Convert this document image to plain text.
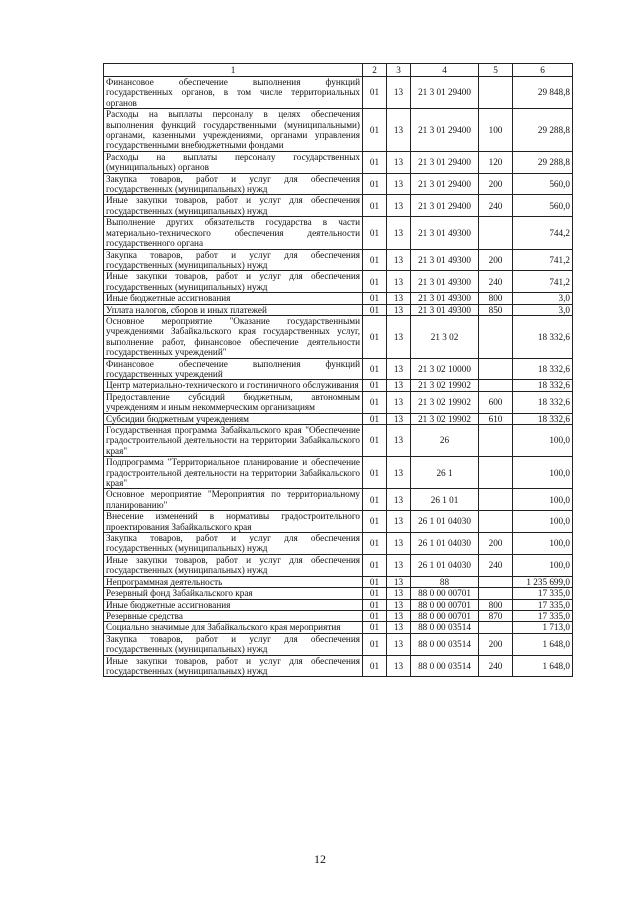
1	2	3	4	5	6
Финансовое обеспечение выполнения функций государственных органов, в том числе территориальных органов	01	13	21 3 01 29400		29 848,8
Расходы на выплаты персоналу в целях обеспечения выполнения функций государственными (муниципальными) органами, казенными учреждениями, органами управления государственными внебюджетными фондами	01	13	21 3 01 29400	100	29 288,8
Расходы на выплаты персоналу государственных (муниципальных) органов	01	13	21 3 01 29400	120	29 288,8
Закупка товаров, работ и услуг для обеспечения государственных (муниципальных) нужд	01	13	21 3 01 29400	200	560,0
Иные закупки товаров, работ и услуг для обеспечения государственных (муниципальных) нужд	01	13	21 3 01 29400	240	560,0
Выполнение других обязательств государства в части материально-технического обеспечения деятельности государственного органа	01	13	21 3 01 49300		744,2
Закупка товаров, работ и услуг для обеспечения государственных (муниципальных) нужд	01	13	21 3 01 49300	200	741,2
Иные закупки товаров, работ и услуг для обеспечения государственных (муниципальных) нужд	01	13	21 3 01 49300	240	741,2
Иные бюджетные ассигнования	01	13	21 3 01 49300	800	3,0
Уплата налогов, сборов и иных платежей	01	13	21 3 01 49300	850	3,0
Основное мероприятие "Оказание государственными учреждениями Забайкальского края государственных услуг, выполнение работ, финансовое обеспечение деятельности государственных учреждений"	01	13	21 3 02		18 332,6
Финансовое обеспечение выполнения функций государственных учреждений	01	13	21 3 02 10000		18 332,6
Центр материально-технического и гостиничного обслуживания	01	13	21 3 02 19902		18 332,6
Предоставление субсидий бюджетным, автономным учреждениям и иным некоммерческим организациям	01	13	21 3 02 19902	600	18 332,6
Субсидии бюджетным учреждениям	01	13	21 3 02 19902	610	18 332,6
Государственная программа Забайкальского края "Обеспечение градостроительной деятельности на территории Забайкальского края"	01	13	26		100,0
Подпрограмма "Территориальное планирование и обеспечение градостроительной деятельности на территории Забайкальского края"	01	13	26 1		100,0
Основное мероприятие "Мероприятия по территориальному планированию"	01	13	26 1 01		100,0
Внесение изменений в нормативы градостроительного проектирования Забайкальского края	01	13	26 1 01 04030		100,0
Закупка товаров, работ и услуг для обеспечения государственных (муниципальных) нужд	01	13	26 1 01 04030	200	100,0
Иные закупки товаров, работ и услуг для обеспечения государственных (муниципальных) нужд	01	13	26 1 01 04030	240	100,0
Непрограммная деятельность	01	13	88		1 235 699,0
Резервный фонд Забайкальского края	01	13	88 0 00 00701		17 335,0
Иные бюджетные ассигнования	01	13	88 0 00 00701	800	17 335,0
Резервные средства	01	13	88 0 00 00701	870	17 335,0
Социально значимые для Забайкальского края мероприятия	01	13	88 0 00 03514		1 713,0
Закупка товаров, работ и услуг для обеспечения государственных (муниципальных) нужд	01	13	88 0 00 03514	200	1 648,0
Иные закупки товаров, работ и услуг для обеспечения государственных (муниципальных) нужд	01	13	88 0 00 03514	240	1 648,0
12
